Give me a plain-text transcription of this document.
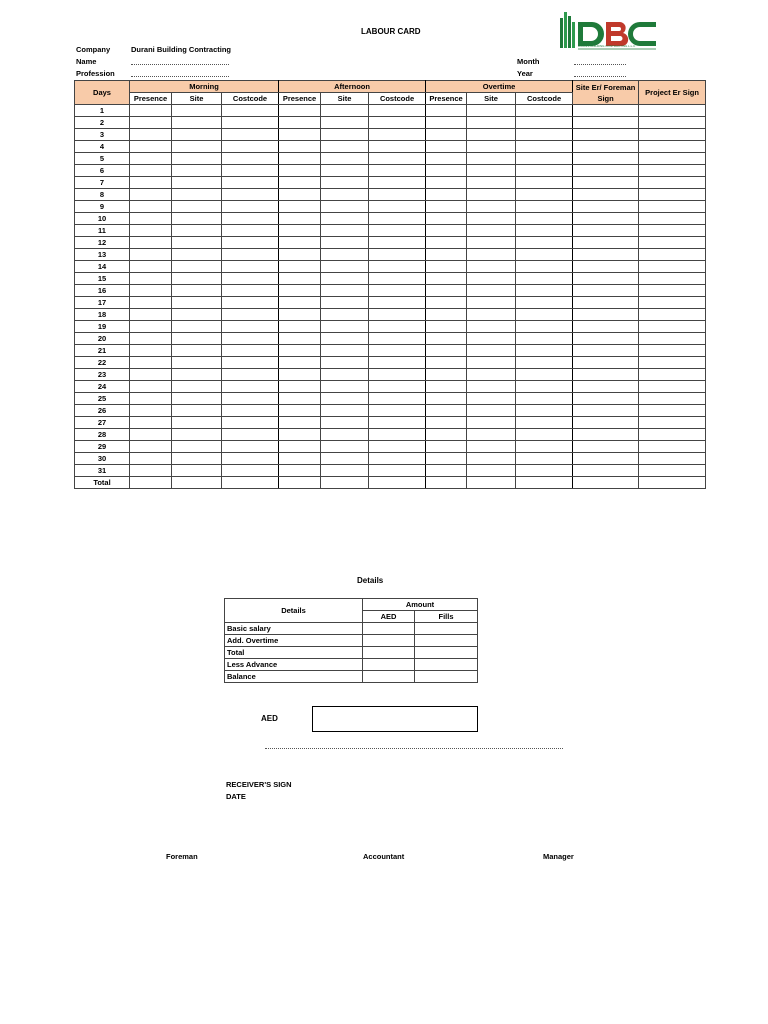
LABOUR CARD
DURANI BUILDING CONTRACTING L.L.C
Company	Durani Building Contracting
Name
Profession
Month
Year
Days	Morning			Afternoon			Overtime			Site Er/ Foreman Sign	Project Er Sign
	Presence	Site	Costcode	Presence	Site	Costcode	Presence	Site	Costcode		
1											
2											
3											
4											
5											
6											
7											
8											
9											
10											
11											
12											
13											
14											
15											
16											
17											
18											
19											
20											
21											
22											
23											
24											
25											
26											
27											
28											
29											
30											
31											
Total											
Details
Details	Amount	
	AED	Fills
Basic salary		
Add. Overtime		
Total		
Less Advance		
Balance		
AED
RECEIVER'S SIGN
DATE
Foreman	Accountant	Manager
